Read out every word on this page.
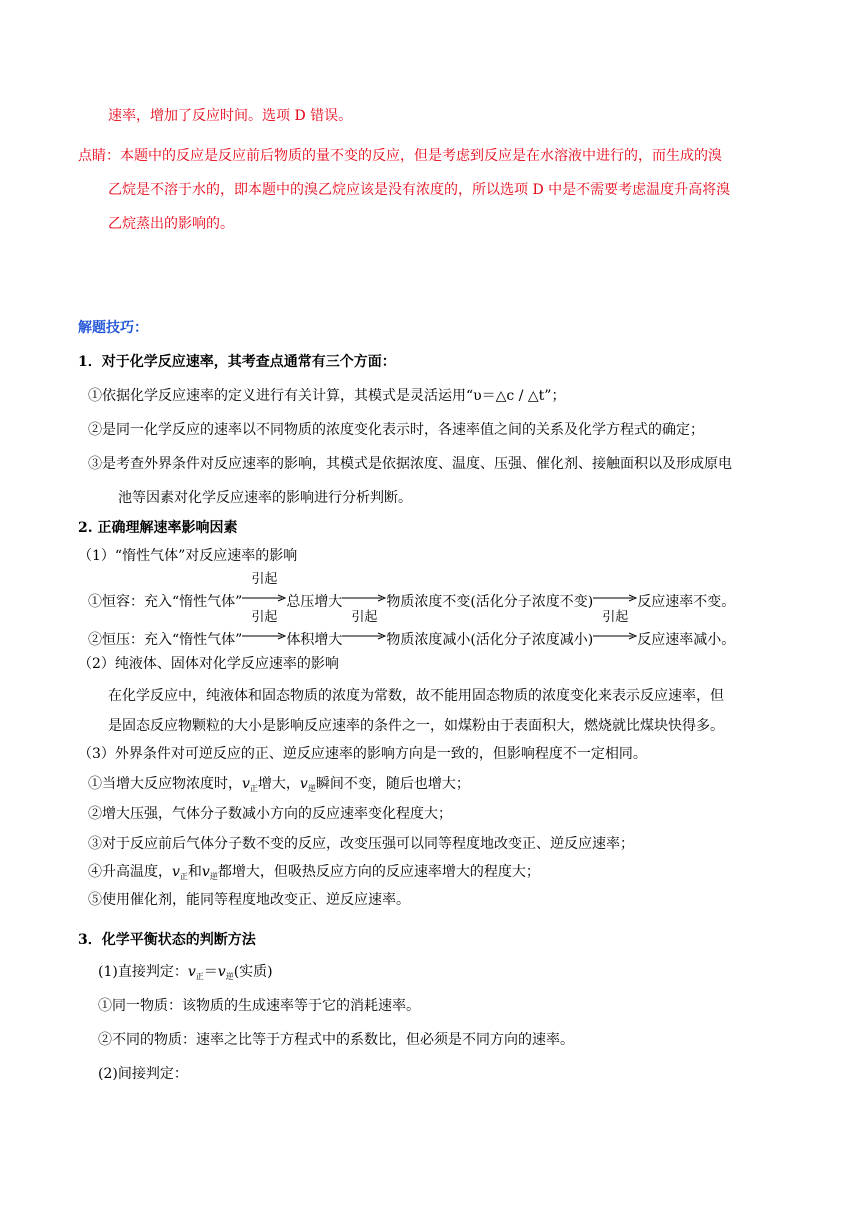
速率，增加了反应时间。选项 D 错误。
点睛：本题中的反应是反应前后物质的量不变的反应，但是考虑到反应是在水溶液中进行的，而生成的溴
乙烷是不溶于水的，即本题中的溴乙烷应该是没有浓度的，所以选项 D 中是不需要考虑温度升高将溴
乙烷蒸出的影响的。
解题技巧：
1．对于化学反应速率，其考查点通常有三个方面：
①依据化学反应速率的定义进行有关计算，其模式是灵活运用“υ＝△c / △t”；
②是同一化学反应的速率以不同物质的浓度变化表示时，各速率值之间的关系及化学方程式的确定；
③是考查外界条件对反应速率的影响，其模式是依据浓度、温度、压强、催化剂、接触面积以及形成原电
池等因素对化学反应速率的影响进行分析判断。
2. 正确理解速率影响因素
（1）“惰性气体”对反应速率的影响
①恒容：充入“惰性气体”
引起
总压增大	物质浓度不变(活化分子浓度不变)	反应速率不变。
②恒压：充入“惰性气体”
引起
体积增大
引起
物质浓度减小(活化分子浓度减小)
引起
反应速率减小。
（2）纯液体、固体对化学反应速率的影响
在化学反应中，纯液体和固态物质的浓度为常数，故不能用固态物质的浓度变化来表示反应速率，但
是固态反应物颗粒的大小是影响反应速率的条件之一，如煤粉由于表面积大，燃烧就比煤块快得多。
（3）外界条件对可逆反应的正、逆反应速率的影响方向是一致的，但影响程度不一定相同。
①当增大反应物浓度时，$v_正$增大，$v_逆$瞬间不变，随后也增大；
②增大压强，气体分子数减小方向的反应速率变化程度大；
③对于反应前后气体分子数不变的反应，改变压强可以同等程度地改变正、逆反应速率；
④升高温度，$v_正$和$v_逆$都增大，但吸热反应方向的反应速率增大的程度大；
⑤使用催化剂，能同等程度地改变正、逆反应速率。
3．化学平衡状态的判断方法
(1)直接判定：$v_正=v_逆$(实质)
①同一物质：该物质的生成速率等于它的消耗速率。
②不同的物质：速率之比等于方程式中的系数比，但必须是不同方向的速率。
(2)间接判定：
